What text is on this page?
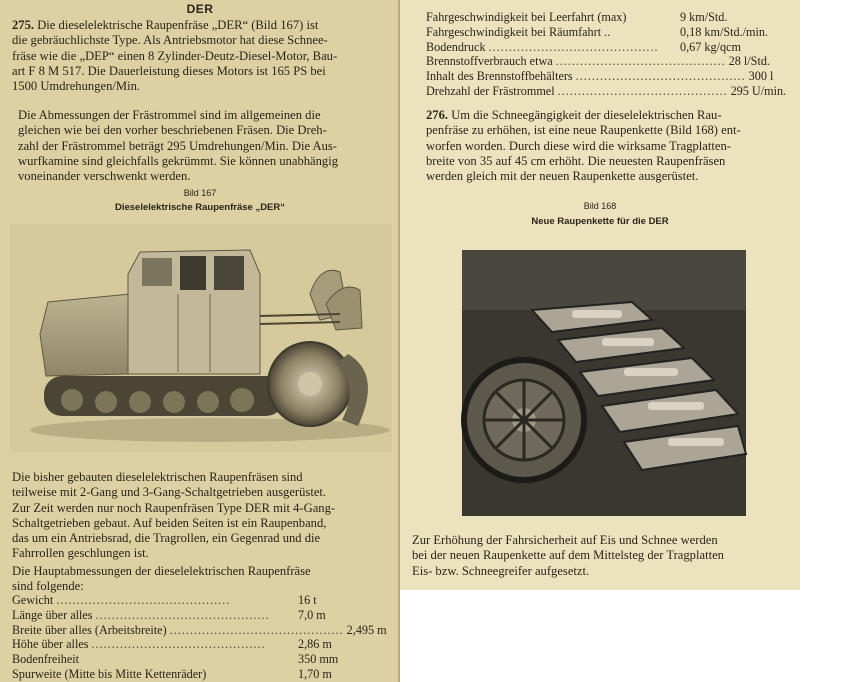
DER
275. Die dieselelektrische Raupenfräse „DER“ (Bild 167) ist
die gebräuchlichste Type. Als Antriebsmotor hat diese Schnee-
fräse wie die „DEP“ einen 8 Zylinder-Deutz-Diesel-Motor, Bau-
art F 8 M 517. Die Dauerleistung dieses Motors ist 165 PS bei
1500 Umdrehungen/Min.
Die Abmessungen der Frästrommel sind im allgemeinen die
gleichen wie bei den vorher beschriebenen Fräsen. Die Dreh-
zahl der Frästrommel beträgt 295 Umdrehungen/Min. Die Aus-
wurfkamine sind gleichfalls gekrümmt. Sie können unabhängig
voneinander verschwenkt werden.
Bild 167
Dieselelektrische Raupenfräse „DER“
Die bisher gebauten dieselelektrischen Raupenfräsen sind
teilweise mit 2-Gang und 3-Gang-Schaltgetrieben ausgerüstet.
Zur Zeit werden nur noch Raupenfräsen Type DER mit 4-Gang-
Schaltgetrieben gebaut. Auf beiden Seiten ist ein Raupenband,
das um ein Antriebsrad, die Tragrollen, ein Gegenrad und die
Fahrrollen geschlungen ist.
Die Hauptabmessungen der dieselelektrischen Raupenfräse
sind folgende:
Gewicht ...........................................	16 t
Länge über alles ...........................................	7,0 m
Breite über alles (Arbeitsbreite) ........................................... 2,495 m
Höhe über alles ...........................................	2,86 m
Bodenfreiheit	350 mm
Spurweite (Mitte bis Mitte Kettenräder)	1,70 m
Fahrgeschwindigkeit bei Leerfahrt (max)	9 km/Std.
Fahrgeschwindigkeit bei Räumfahrt ..	0,18 km/Std./min.
Bodendruck ..........................................	0,67 kg/qcm
Brennstoffverbrauch etwa .......................................... 28 l/Std.
Inhalt des Brennstoffbehälters .......................................... 300 l
Drehzahl der Frästrommel .......................................... 295 U/min.
276. Um die Schneegängigkeit der dieselelektrischen Rau-
penfräse zu erhöhen, ist eine neue Raupenkette (Bild 168) ent-
worfen worden. Durch diese wird die wirksame Tragplatten-
breite von 35 auf 45 cm erhöht. Die neuesten Raupenfräsen
werden gleich mit der neuen Raupenkette ausgerüstet.
Bild 168
Neue Raupenkette für die DER
Zur Erhöhung der Fahrsicherheit auf Eis und Schnee werden
bei der neuen Raupenkette auf dem Mittelsteg der Tragplatten
Eis- bzw. Schneegreifer aufgesetzt.
